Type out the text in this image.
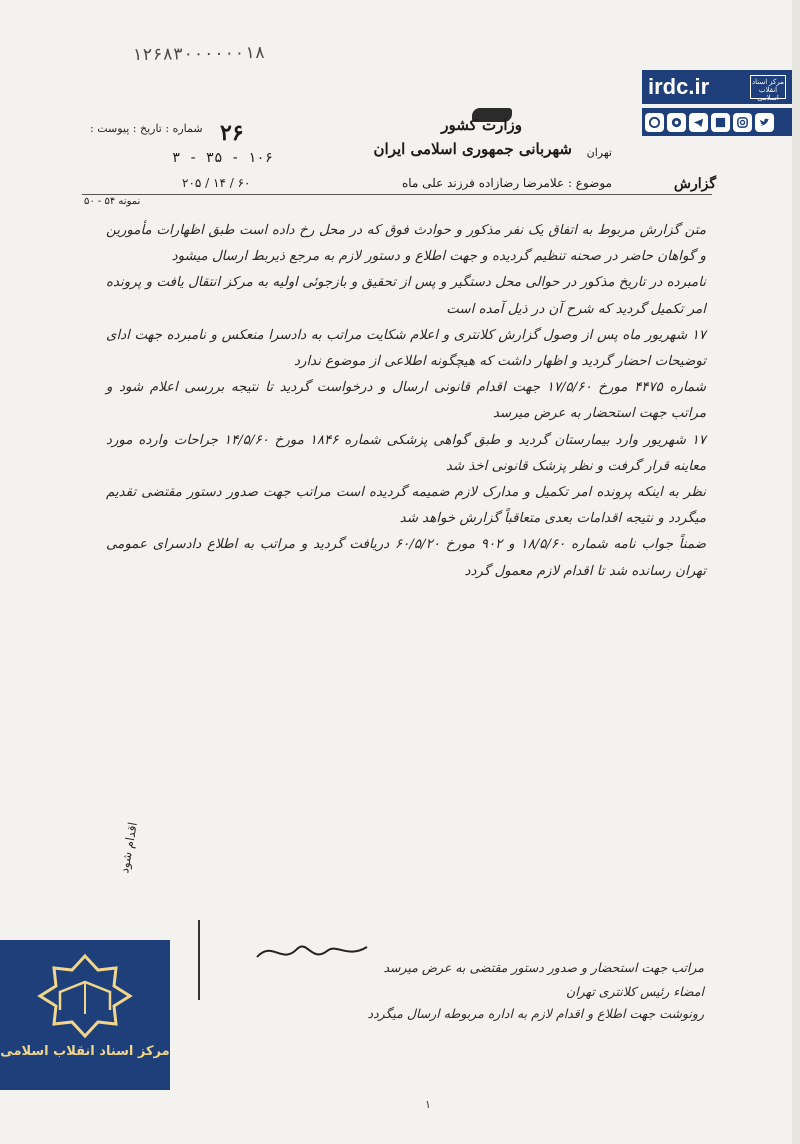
۱۲۶۸۳۰۰۰۰۰۰۱۸
irdc.ir	مرکز اسناد انقلاب اسلامی
وزارت کشور
شهربانی جمهوری اسلامی ایران تهران
شماره : تاریخ : پیوست : ۲۶
۳ - ۳۵ - ۱۰۶
گزارش
موضوع : علامرضا رضازاده فرزند علی ماه
۲۰۵ / ۱۴ / ۶۰
نمونه ۵۴ - ۵۰

متن گزارش مربوط به اتفاق یک نفر مذکور و حوادث فوق که در محل رخ داده است طبق اظهارات مأمورین و گواهان حاضر در صحنه تنظیم گردیده و جهت اطلاع و دستور لازم به مرجع ذیربط ارسال میشود

نامبرده در تاریخ مذکور در حوالی محل دستگیر و پس از تحقیق و بازجوئی اولیه به مرکز انتقال یافت و پرونده امر تکمیل گردید که شرح آن در ذیل آمده است

۱۷ شهریور ماه پس از وصول گزارش کلانتری و اعلام شکایت مراتب به دادسرا منعکس و نامبرده جهت ادای توضیحات احضار گردید و اظهار داشت که هیچگونه اطلاعی از موضوع ندارد

شماره ۴۴۷۵ مورخ ۱۷/۵/۶۰ جهت اقدام قانونی ارسال و درخواست گردید تا نتیجه بررسی اعلام شود و مراتب جهت استحضار به عرض میرسد

۱۷ شهریور وارد بیمارستان گردید و طبق گواهی پزشکی شماره ۱۸۴۶ مورخ ۱۴/۵/۶۰ جراحات وارده مورد معاینه قرار گرفت و نظر پزشک قانونی اخذ شد

نظر به اینکه پرونده امر تکمیل و مدارک لازم ضمیمه گردیده است مراتب جهت صدور دستور مقتضی تقدیم میگردد و نتیجه اقدامات بعدی متعاقباً گزارش خواهد شد

ضمناً جواب نامه شماره ۱۸/۵/۶۰ و ۹۰۲ مورخ ۶۰/۵/۲۰ دریافت گردید و مراتب به اطلاع دادسرای عمومی تهران رسانده شد تا اقدام لازم معمول گردد

اقدام شود
مراتب جهت استحضار و صدور دستور مقتضی به عرض میرسد
امضاء رئیس کلانتری تهران
رونوشت جهت اطلاع و اقدام لازم به اداره مربوطه ارسال میگردد
۱
مرکز اسناد انقلاب اسلامی
